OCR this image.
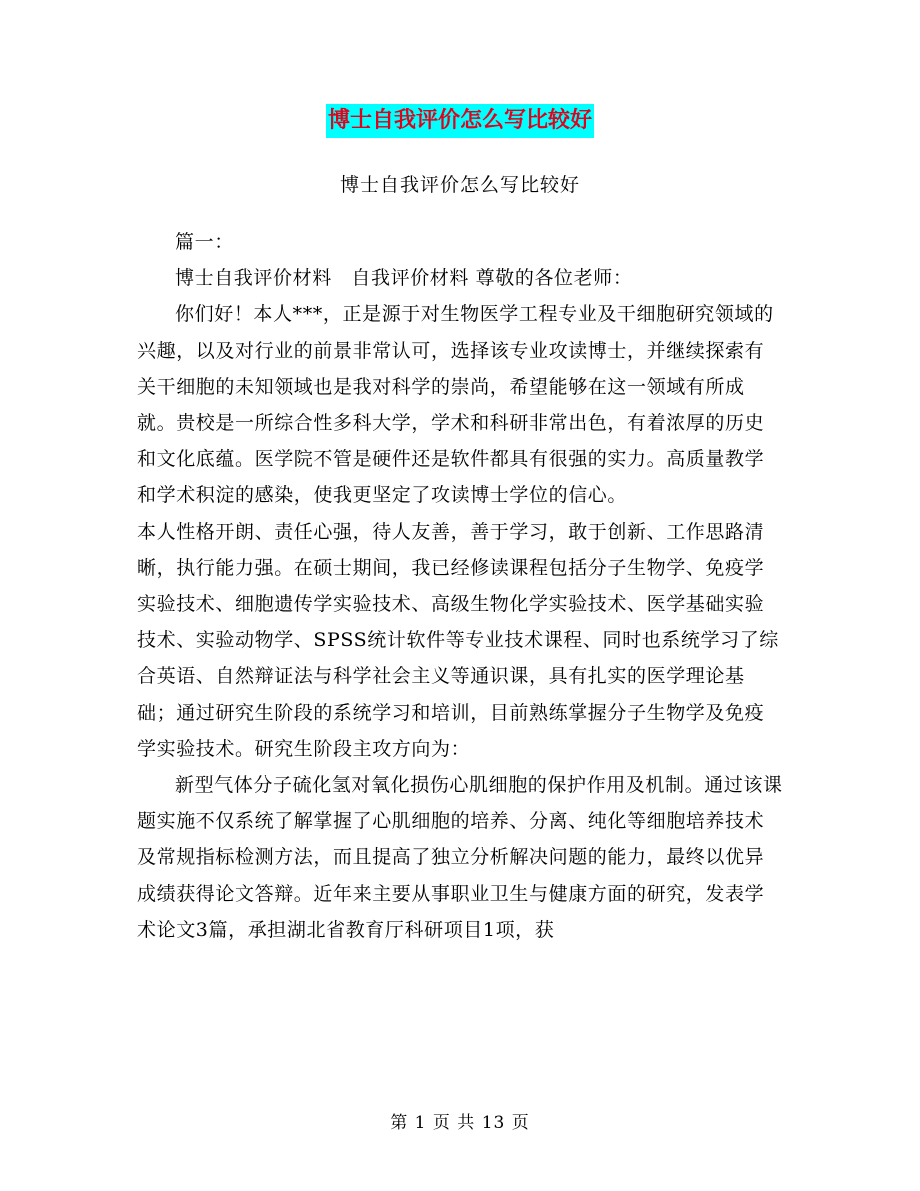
博士自我评价怎么写比较好
博士自我评价怎么写比较好

篇一：

博士自我评价材料　自我评价材料 尊敬的各位老师：

你们好！本人***，正是源于对生物医学工程专业及干细胞研究领域的兴趣，以及对行业的前景非常认可，选择该专业攻读博士，并继续探索有关干细胞的未知领域也是我对科学的崇尚，希望能够在这一领域有所成就。贵校是一所综合性多科大学，学术和科研非常出色，有着浓厚的历史和文化底蕴。医学院不管是硬件还是软件都具有很强的实力。高质量教学和学术积淀的感染，使我更坚定了攻读博士学位的信心。

本人性格开朗、责任心强，待人友善，善于学习，敢于创新、工作思路清晰，执行能力强。在硕士期间，我已经修读课程包括分子生物学、免疫学实验技术、细胞遗传学实验技术、高级生物化学实验技术、医学基础实验技术、实验动物学、SPSS统计软件等专业技术课程、同时也系统学习了综合英语、自然辩证法与科学社会主义等通识课，具有扎实的医学理论基础；通过研究生阶段的系统学习和培训，目前熟练掌握分子生物学及免疫学实验技术。研究生阶段主攻方向为：

新型气体分子硫化氢对氧化损伤心肌细胞的保护作用及机制。通过该课题实施不仅系统了解掌握了心肌细胞的培养、分离、纯化等细胞培养技术及常规指标检测方法，而且提高了独立分析解决问题的能力，最终以优异成绩获得论文答辩。近年来主要从事职业卫生与健康方面的研究，发表学术论文3篇，承担湖北省教育厅科研项目1项，获

第 1 页 共 13 页
